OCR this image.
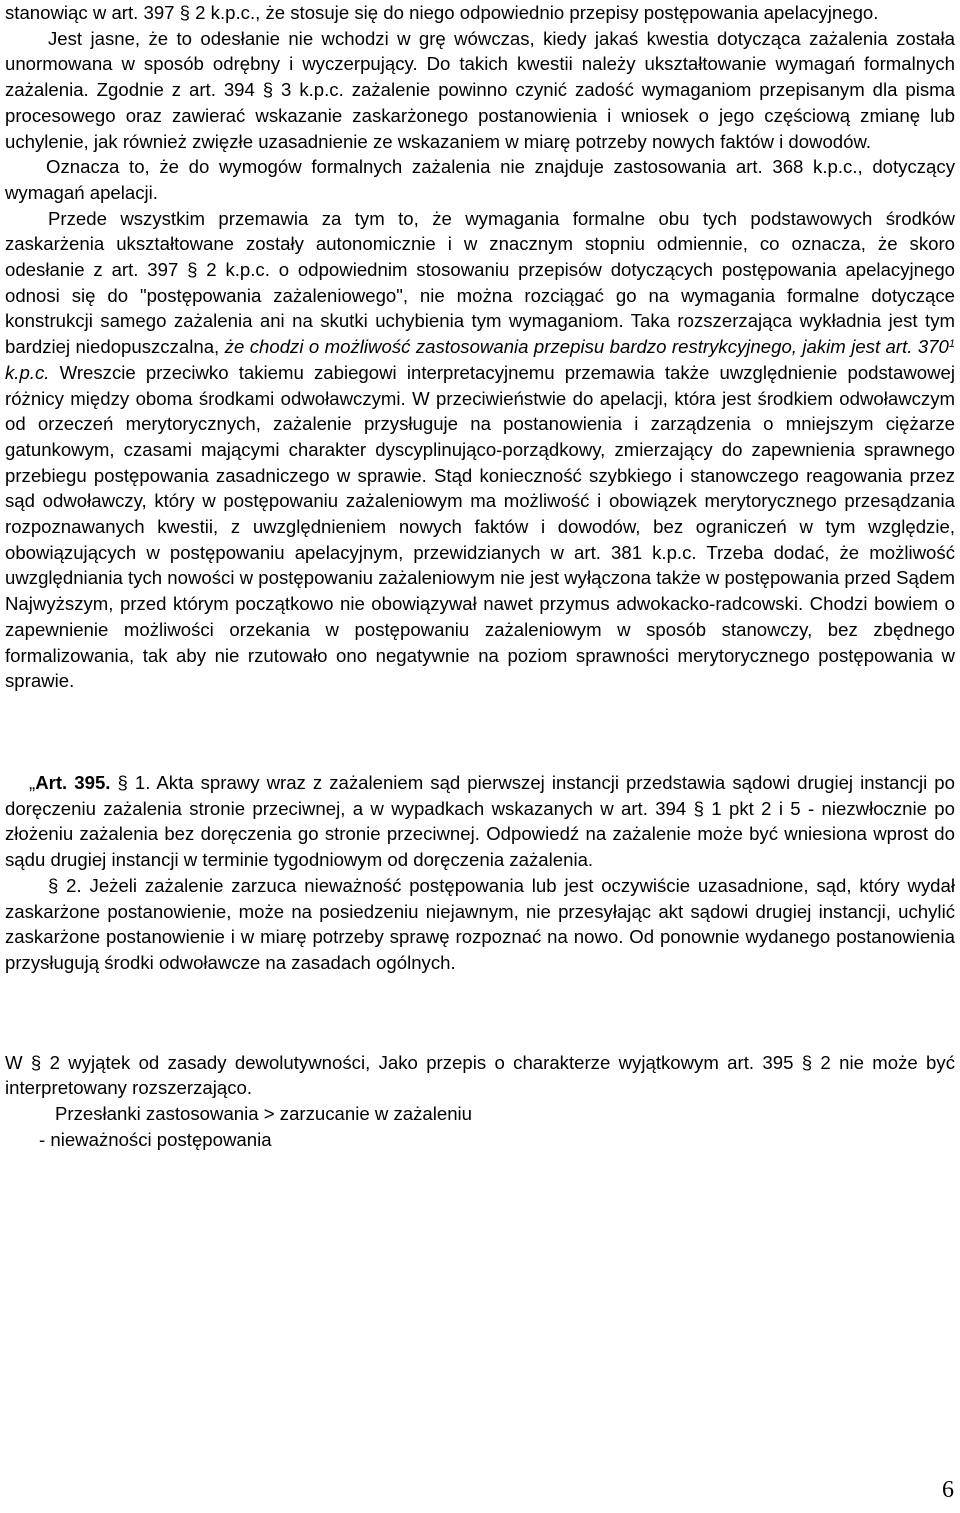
stanowiąc w art. 397 § 2 k.p.c., że stosuje się do niego odpowiednio przepisy postępowania apelacyjnego.

Jest jasne, że to odesłanie nie wchodzi w grę wówczas, kiedy jakaś kwestia dotycząca zażalenia została unormowana w sposób odrębny i wyczerpujący. Do takich kwestii należy ukształtowanie wymagań formalnych zażalenia. Zgodnie z art. 394 § 3 k.p.c. zażalenie powinno czynić zadość wymaganiom przepisanym dla pisma procesowego oraz zawierać wskazanie zaskarżonego postanowienia i wniosek o jego częściową zmianę lub uchylenie, jak również zwięzłe uzasadnienie ze wskazaniem w miarę potrzeby nowych faktów i dowodów.

Oznacza to, że do wymogów formalnych zażalenia nie znajduje zastosowania art. 368 k.p.c., dotyczący wymagań apelacji.

Przede wszystkim przemawia za tym to, że wymagania formalne obu tych podstawowych środków zaskarżenia ukształtowane zostały autonomicznie i w znacznym stopniu odmiennie, co oznacza, że skoro odesłanie z art. 397 § 2 k.p.c. o odpowiednim stosowaniu przepisów dotyczących postępowania apelacyjnego odnosi się do "postępowania zażaleniowego", nie można rozciągać go na wymagania formalne dotyczące konstrukcji samego zażalenia ani na skutki uchybienia tym wymaganiom. Taka rozszerzająca wykładnia jest tym bardziej niedopuszczalna, że chodzi o możliwość zastosowania przepisu bardzo restrykcyjnego, jakim jest art. $370^1$ k.p.c. Wreszcie przeciwko takiemu zabiegowi interpretacyjnemu przemawia także uwzględnienie podstawowej różnicy między oboma środkami odwoławczymi. W przeciwieństwie do apelacji, która jest środkiem odwoławczym od orzeczeń merytorycznych, zażalenie przysługuje na postanowienia i zarządzenia o mniejszym ciężarze gatunkowym, czasami mającymi charakter dyscyplinująco-porządkowy, zmierzający do zapewnienia sprawnego przebiegu postępowania zasadniczego w sprawie. Stąd konieczność szybkiego i stanowczego reagowania przez sąd odwoławczy, który w postępowaniu zażaleniowym ma możliwość i obowiązek merytorycznego przesądzania rozpoznawanych kwestii, z uwzględnieniem nowych faktów i dowodów, bez ograniczeń w tym względzie, obowiązujących w postępowaniu apelacyjnym, przewidzianych w art. 381 k.p.c. Trzeba dodać, że możliwość uwzględniania tych nowości w postępowaniu zażaleniowym nie jest wyłączona także w postępowania przed Sądem Najwyższym, przed którym początkowo nie obowiązywał nawet przymus adwokacko-radcowski. Chodzi bowiem o zapewnienie możliwości orzekania w postępowaniu zażaleniowym w sposób stanowczy, bez zbędnego formalizowania, tak aby nie rzutowało ono negatywnie na poziom sprawności merytorycznego postępowania w sprawie.

„Art. 395. § 1. Akta sprawy wraz z zażaleniem sąd pierwszej instancji przedstawia sądowi drugiej instancji po doręczeniu zażalenia stronie przeciwnej, a w wypadkach wskazanych w art. 394 § 1 pkt 2 i 5 - niezwłocznie po złożeniu zażalenia bez doręczenia go stronie przeciwnej. Odpowiedź na zażalenie może być wniesiona wprost do sądu drugiej instancji w terminie tygodniowym od doręczenia zażalenia.

§ 2. Jeżeli zażalenie zarzuca nieważność postępowania lub jest oczywiście uzasadnione, sąd, który wydał zaskarżone postanowienie, może na posiedzeniu niejawnym, nie przesyłając akt sądowi drugiej instancji, uchylić zaskarżone postanowienie i w miarę potrzeby sprawę rozpoznać na nowo. Od ponownie wydanego postanowienia przysługują środki odwoławcze na zasadach ogólnych.

W § 2 wyjątek od zasady dewolutywności, Jako przepis o charakterze wyjątkowym art. 395 § 2 nie może być interpretowany rozszerzająco.

Przesłanki zastosowania > zarzucanie w zażaleniu

- nieważności postępowania

6
